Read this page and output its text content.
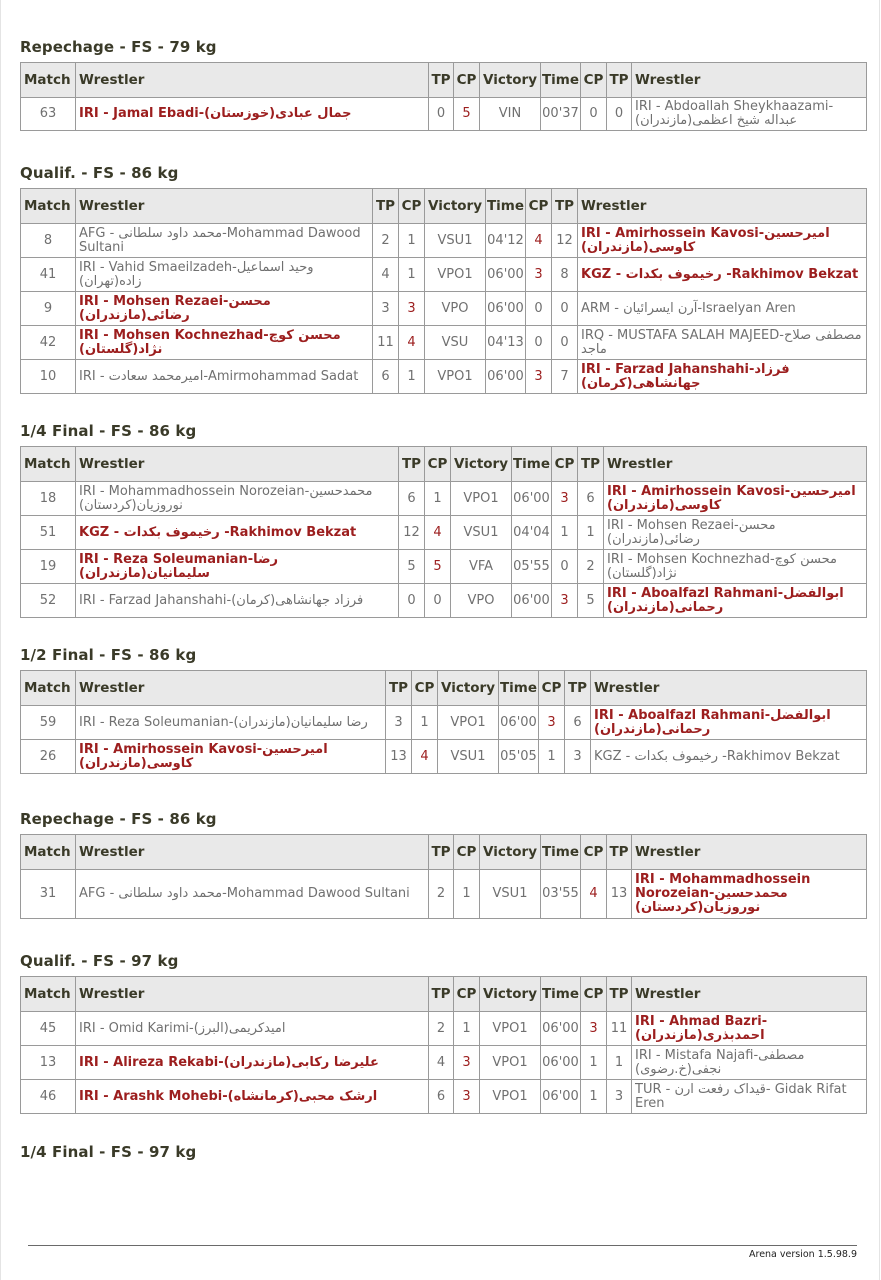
Repechage - FS - 79 kg
Match	Wrestler	TP	CP	Victory	Time	CP	TP	Wrestler
63	IRI - Jamal Ebadi-جمال عبادی(خوزستان)	0	5	VIN	00'37	0	0	IRI - Abdoallah Sheykhaazami-عبداله شیخ اعظمی(مازندران)
Qualif. - FS - 86 kg
Match	Wrestler	TP	CP	Victory	Time	CP	TP	Wrestler
8	AFG - محمد داود سلطانی-Mohammad Dawood Sultani	2	1	VSU1	04'12	4	12	IRI - Amirhossein Kavosi-امیرحسین کاوسی(مازندران)
41	IRI - Vahid Smaeilzadeh-وحید اسماعیل زاده(تهران)	4	1	VPO1	06'00	3	8	KGZ - رخیموف بکدات -Rakhimov Bekzat
9	IRI - Mohsen Rezaei-محسن رضائی(مازندران)	3	3	VPO	06'00	0	0	ARM - آرن ایسرائیان-Israelyan Aren
42	IRI - Mohsen Kochnezhad-محسن کوچ نژاد(گلستان)	11	4	VSU	04'13	0	0	IRQ - MUSTAFA SALAH MAJEED-مصطفی صلاح ماجد
10	IRI - امیرمحمد سعادت-Amirmohammad Sadat	6	1	VPO1	06'00	3	7	IRI - Farzad Jahanshahi-فرزاد جهانشاهی(کرمان)
1/4 Final - FS - 86 kg
Match	Wrestler	TP	CP	Victory	Time	CP	TP	Wrestler
18	IRI - Mohammadhossein Norozeian-محمدحسین نوروزیان(کردستان)	6	1	VPO1	06'00	3	6	IRI - Amirhossein Kavosi-امیرحسین کاوسی(مازندران)
51	KGZ - رخیموف بکدات -Rakhimov Bekzat	12	4	VSU1	04'04	1	1	IRI - Mohsen Rezaei-محسن رضائی(مازندران)
19	IRI - Reza Soleumanian-رضا سلیمانیان(مازندران)	5	5	VFA	05'55	0	2	IRI - Mohsen Kochnezhad-محسن کوچ نژاد(گلستان)
52	IRI - Farzad Jahanshahi-فرزاد جهانشاهی(کرمان)	0	0	VPO	06'00	3	5	IRI - Aboalfazl Rahmani-ابوالفضل رحمانی(مازندران)
1/2 Final - FS - 86 kg
Match	Wrestler	TP	CP	Victory	Time	CP	TP	Wrestler
59	IRI - Reza Soleumanian-رضا سلیمانیان(مازندران)	3	1	VPO1	06'00	3	6	IRI - Aboalfazl Rahmani-ابوالفضل رحمانی(مازندران)
26	IRI - Amirhossein Kavosi-امیرحسین کاوسی(مازندران)	13	4	VSU1	05'05	1	3	KGZ - رخیموف بکدات -Rakhimov Bekzat
Repechage - FS - 86 kg
Match	Wrestler	TP	CP	Victory	Time	CP	TP	Wrestler
31	AFG - محمد داود سلطانی-Mohammad Dawood Sultani	2	1	VSU1	03'55	4	13	IRI - Mohammadhossein Norozeian-محمدحسین نوروزیان(کردستان)
Qualif. - FS - 97 kg
Match	Wrestler	TP	CP	Victory	Time	CP	TP	Wrestler
45	IRI - Omid Karimi-امیدکریمی(البرز)	2	1	VPO1	06'00	3	11	IRI - Ahmad Bazri-احمدبذری(مازندران)
13	IRI - Alireza Rekabi-علیرضا رکابی(مازندران)	4	3	VPO1	06'00	1	1	IRI - Mistafa Najafi-مصطفی نجفی(خ.رضوی)
46	IRI - Arashk Mohebi-ارشک محبی(کرمانشاه)	6	3	VPO1	06'00	1	3	TUR - قیداک رفعت ارن- Gidak Rifat Eren
1/4 Final - FS - 97 kg
Arena version 1.5.98.9
